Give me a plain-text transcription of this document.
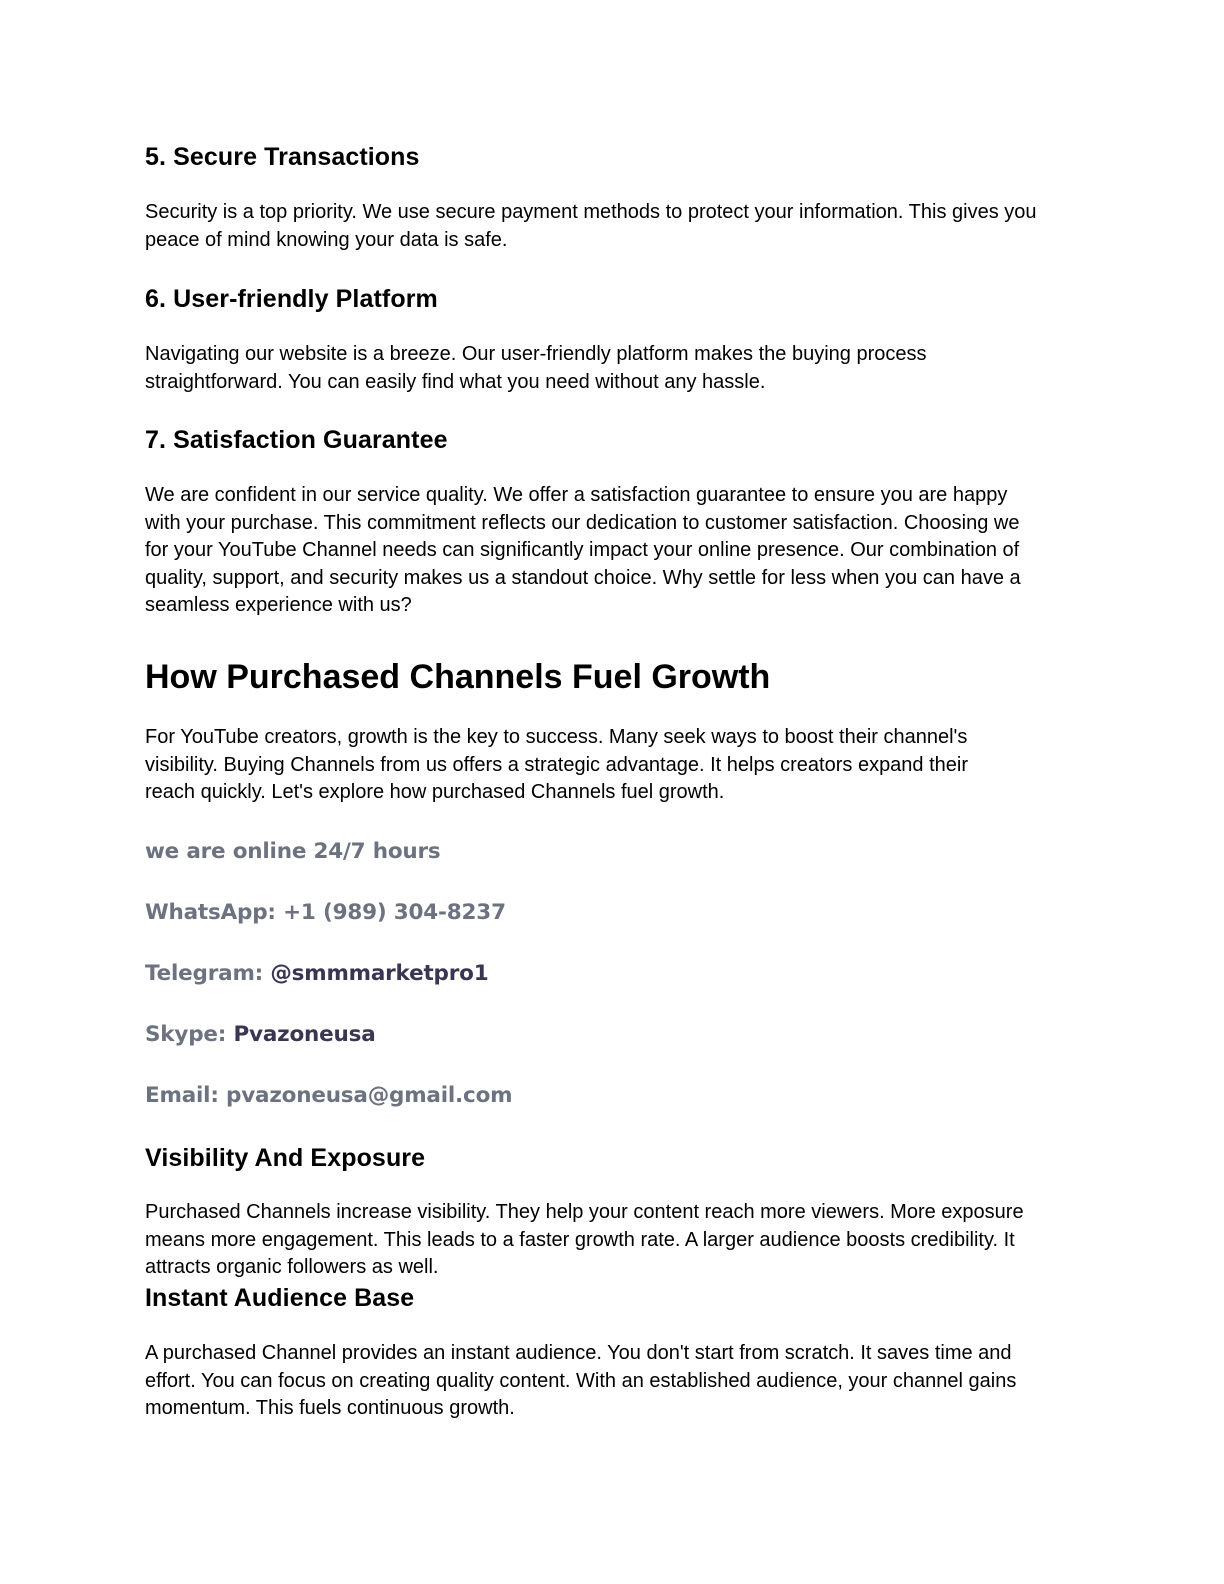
5. Secure Transactions

Security is a top priority. We use secure payment methods to protect your information. This gives you peace of mind knowing your data is safe.

6. User-friendly Platform

Navigating our website is a breeze. Our user-friendly platform makes the buying process straightforward. You can easily find what you need without any hassle.

7. Satisfaction Guarantee

We are confident in our service quality. We offer a satisfaction guarantee to ensure you are happy with your purchase. This commitment reflects our dedication to customer satisfaction. Choosing we for your YouTube Channel needs can significantly impact your online presence. Our combination of quality, support, and security makes us a standout choice. Why settle for less when you can have a seamless experience with us?

How Purchased Channels Fuel Growth

For YouTube creators, growth is the key to success. Many seek ways to boost their channel's visibility. Buying Channels from us offers a strategic advantage. It helps creators expand their reach quickly. Let's explore how purchased Channels fuel growth.

we are online 24/7 hours
WhatsApp: +1 (989) 304-8237
Telegram: @smmmarketpro1
Skype: Pvazoneusa
Email: pvazoneusa@gmail.com
Visibility And Exposure

Purchased Channels increase visibility. They help your content reach more viewers. More exposure means more engagement. This leads to a faster growth rate. A larger audience boosts credibility. It attracts organic followers as well.

Instant Audience Base

A purchased Channel provides an instant audience. You don't start from scratch. It saves time and effort. You can focus on creating quality content. With an established audience, your channel gains momentum. This fuels continuous growth.
